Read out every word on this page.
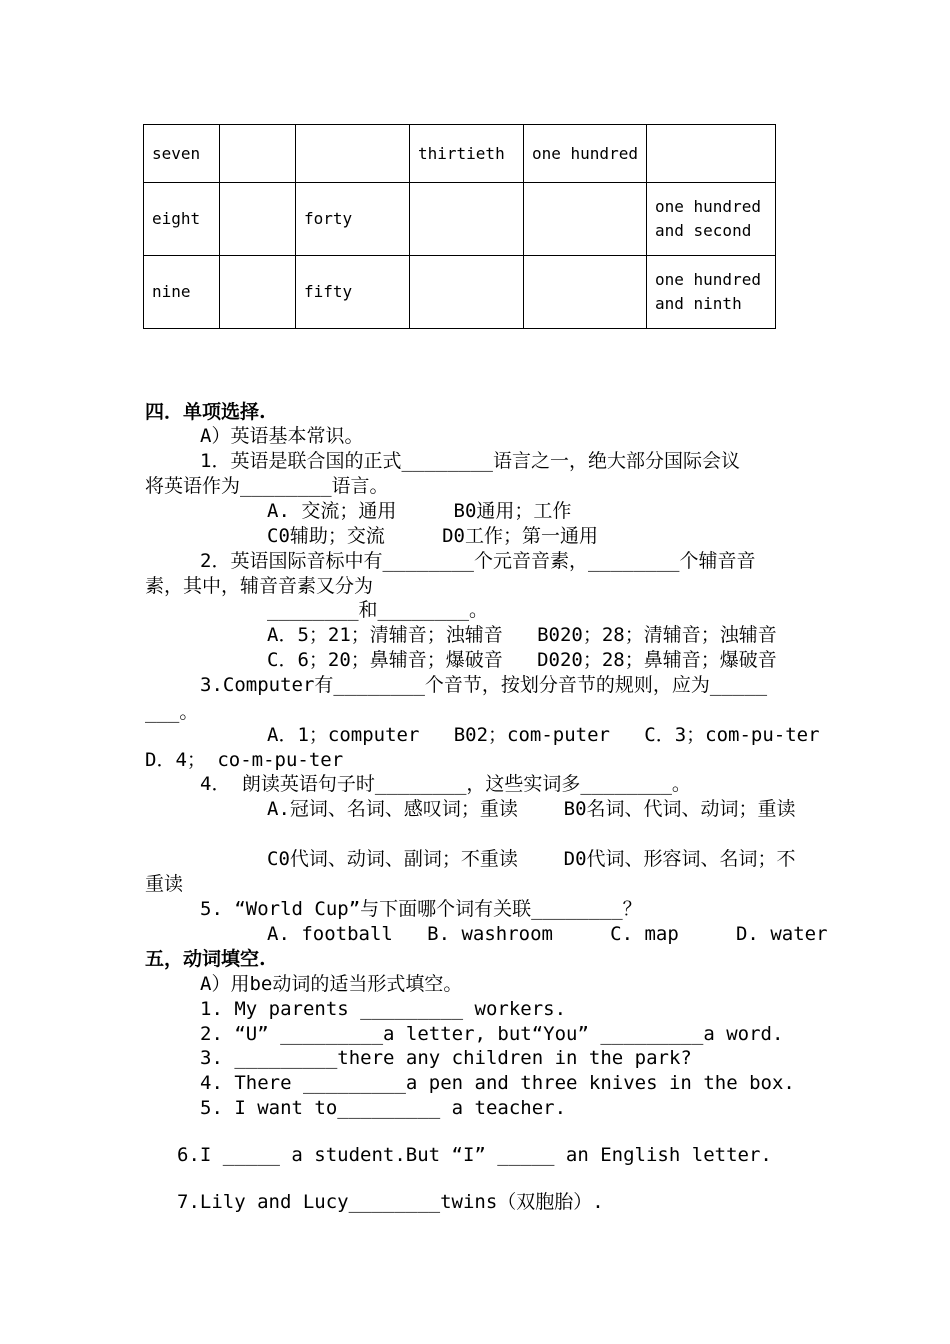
seven			thirtieth	one hundred	
eight		forty			one hundred and second
nine		fifty			one hundred and ninth
四．单项选择.
A）英语基本常识。
1．英语是联合国的正式________语言之一，绝大部分国际会议
将英语作为________语言。
A. 交流；通用     B0通用；工作
C0辅助；交流     D0工作；第一通用
2．英语国际音标中有________个元音音素，________个辅音音
素，其中，辅音音素又分为
________和________。
A．5；21；清辅音；浊辅音   B020；28；清辅音；浊辅音
C．6；20；鼻辅音；爆破音   D020；28；鼻辅音；爆破音
3.Computer有________个音节，按划分音节的规则，应为_____
___。
A．1；computer   B02；com-puter   C．3；com-pu-ter
D．4； co-m-pu-ter
4． 朗读英语句子时________，这些实词多________。
A.冠词、名词、感叹词；重读    B0名词、代词、动词；重读
C0代词、动词、副词；不重读    D0代词、形容词、名词；不
重读
5. “World Cup”与下面哪个词有关联________？
A. football   B. washroom     C. map     D. water
五，动词填空.
A）用be动词的适当形式填空。
1. My parents _________ workers.
2. “U” _________a letter, but“You” _________a word.
3. _________there any children in the park?
4. There _________a pen and three knives in the box.
5. I want to_________ a teacher.
6.I _____ a student.But “I” _____ an English letter.
7.Lily and Lucy________twins（双胞胎）.
